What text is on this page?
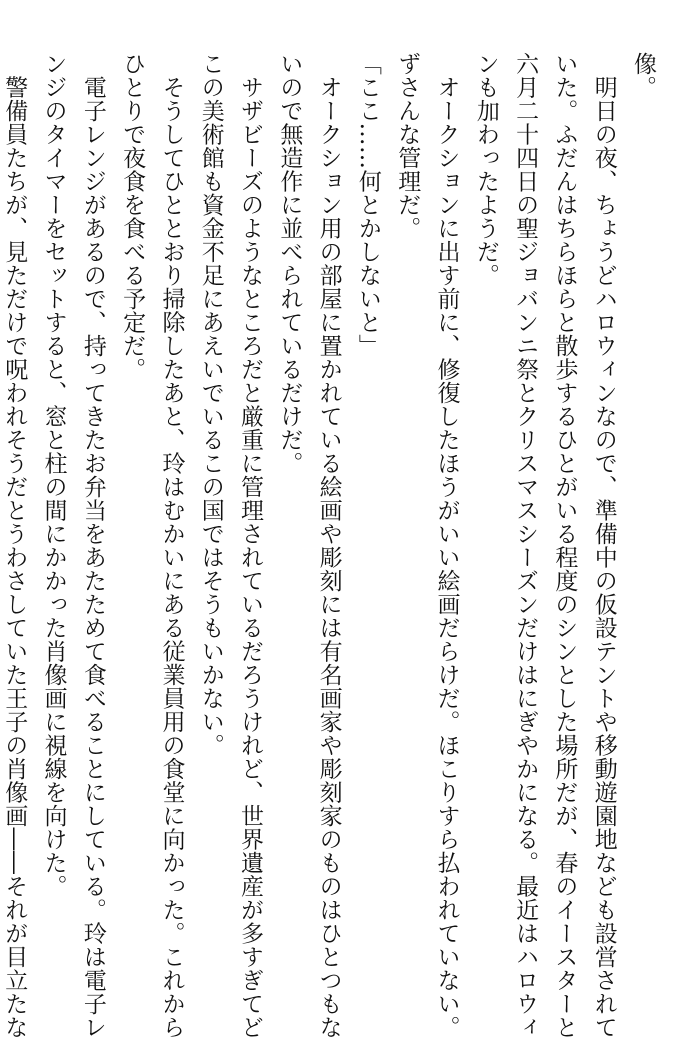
像。
　明日の夜、ちょうどハロウィンなので、準備中の仮設テントや移動遊園地なども設営されて
いた。ふだんはちらほらと散歩するひとがいる程度のシンとした場所だが、春のイースターと
六月二十四日の聖ジョバンニ祭とクリスマスシーズンだけはにぎやかになる。最近はハロウィ
ンも加わったようだ。
　オークションに出す前に、修復したほうがいい絵画だらけだ。ほこりすら払われていない。
ずさんな管理だ。
「ここ……何とかしないと」
　オークション用の部屋に置かれている絵画や彫刻には有名画家や彫刻家のものはひとつもな
いので無造作に並べられているだけだ。
　サザビーズのようなところだと厳重に管理されているだろうけれど、世界遺産が多すぎてど
この美術館も資金不足にあえいでいるこの国ではそうもいかない。
　そうしてひととおり掃除したあと、玲はむかいにある従業員用の食堂に向かった。これから
ひとりで夜食を食べる予定だ。
　電子レンジがあるので、持ってきたお弁当をあたためて食べることにしている。玲は電子レ
ンジのタイマーをセットすると、窓と柱の間にかかった肖像画に視線を向けた。
　警備員たちが、見ただけで呪われそうだとうわさしていた王子の肖像画――それが目立たな
